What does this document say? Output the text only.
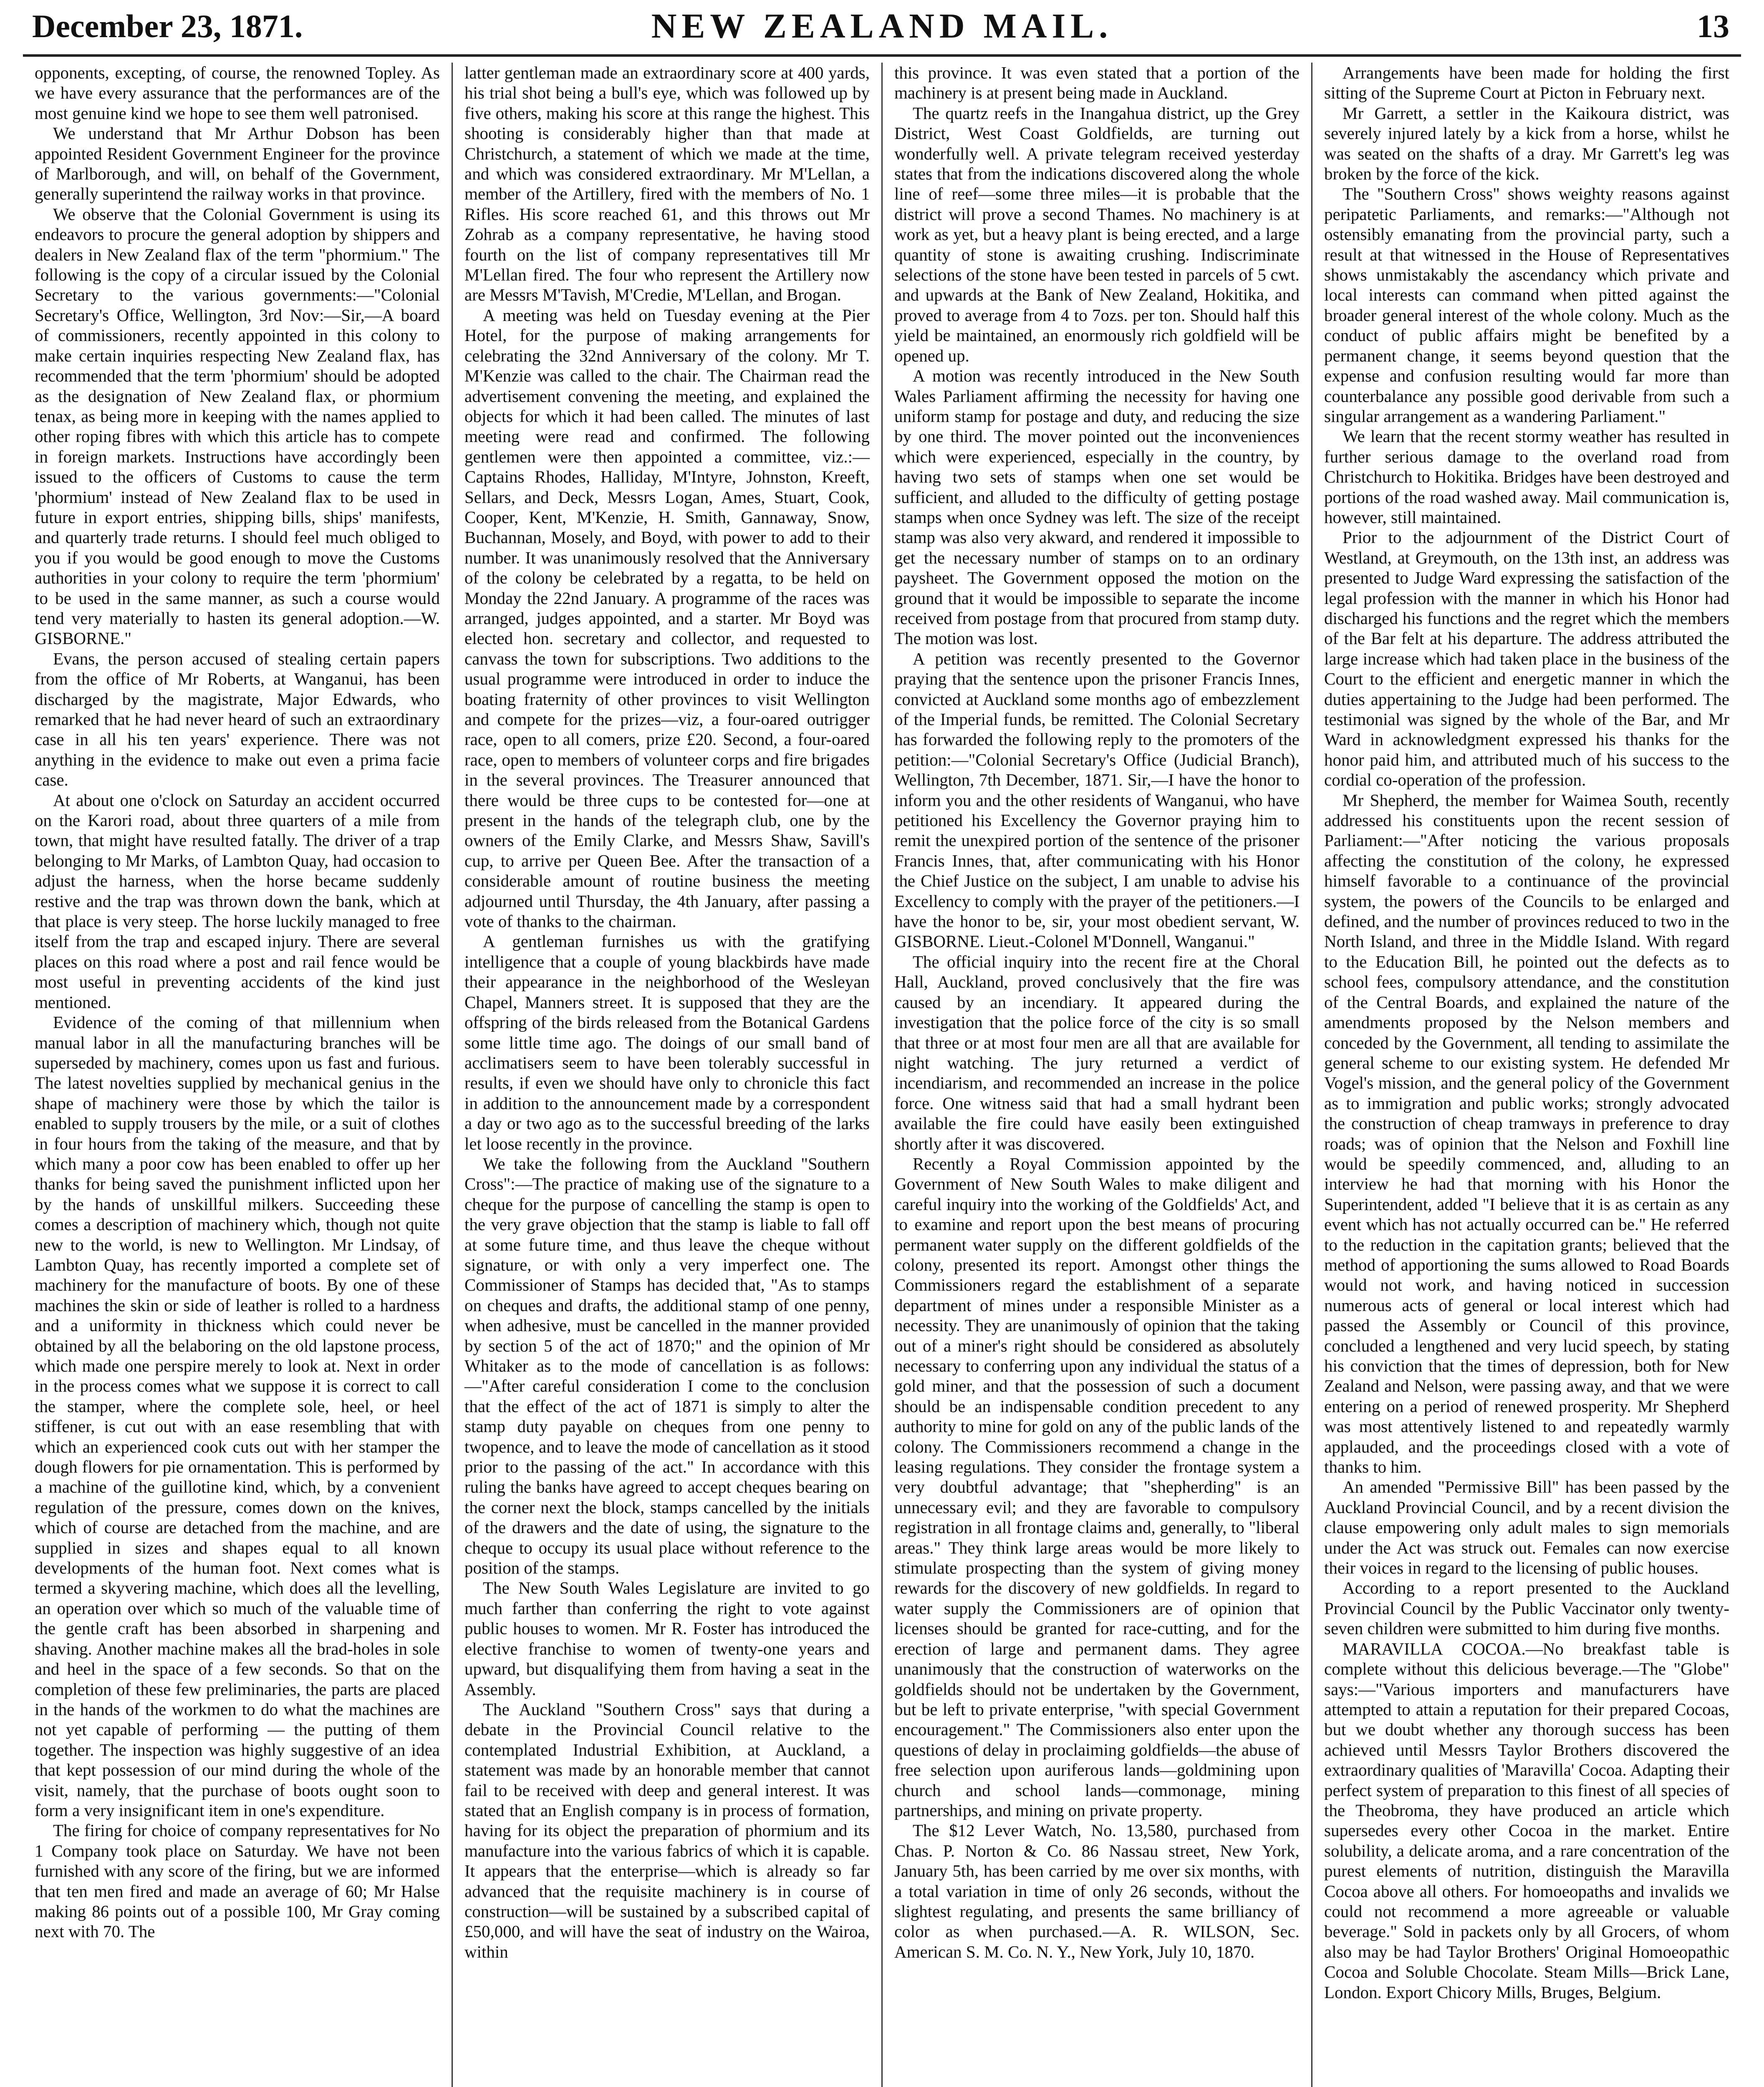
December 23, 1871.	NEW ZEALAND MAIL.	13

opponents, excepting, of course, the renowned Topley. As we have every assurance that the performances are of the most genuine kind we hope to see them well patronised.

We understand that Mr Arthur Dobson has been appointed Resident Government Engineer for the province of Marlborough, and will, on behalf of the Government, generally superintend the railway works in that province.

We observe that the Colonial Government is using its endeavors to procure the general adoption by shippers and dealers in New Zealand flax of the term "phormium." The following is the copy of a circular issued by the Colonial Secretary to the various governments:—"Colonial Secretary's Office, Wellington, 3rd Nov:—Sir,—A board of commissioners, recently appointed in this colony to make certain inquiries respecting New Zealand flax, has recommended that the term 'phormium' should be adopted as the designation of New Zealand flax, or phormium tenax, as being more in keeping with the names applied to other roping fibres with which this article has to compete in foreign markets. Instructions have accordingly been issued to the officers of Customs to cause the term 'phormium' instead of New Zealand flax to be used in future in export entries, shipping bills, ships' manifests, and quarterly trade returns. I should feel much obliged to you if you would be good enough to move the Customs authorities in your colony to require the term 'phormium' to be used in the same manner, as such a course would tend very materially to hasten its general adoption.—W. GISBORNE."

Evans, the person accused of stealing certain papers from the office of Mr Roberts, at Wanganui, has been discharged by the magistrate, Major Edwards, who remarked that he had never heard of such an extraordinary case in all his ten years' experience. There was not anything in the evidence to make out even a prima facie case.

At about one o'clock on Saturday an accident occurred on the Karori road, about three quarters of a mile from town, that might have resulted fatally. The driver of a trap belonging to Mr Marks, of Lambton Quay, had occasion to adjust the harness, when the horse became suddenly restive and the trap was thrown down the bank, which at that place is very steep. The horse luckily managed to free itself from the trap and escaped injury. There are several places on this road where a post and rail fence would be most useful in preventing accidents of the kind just mentioned.

Evidence of the coming of that millennium when manual labor in all the manufacturing branches will be superseded by machinery, comes upon us fast and furious. The latest novelties supplied by mechanical genius in the shape of machinery were those by which the tailor is enabled to supply trousers by the mile, or a suit of clothes in four hours from the taking of the measure, and that by which many a poor cow has been enabled to offer up her thanks for being saved the punishment inflicted upon her by the hands of unskillful milkers. Succeeding these comes a description of machinery which, though not quite new to the world, is new to Wellington. Mr Lindsay, of Lambton Quay, has recently imported a complete set of machinery for the manufacture of boots. By one of these machines the skin or side of leather is rolled to a hardness and a uniformity in thickness which could never be obtained by all the belaboring on the old lapstone process, which made one perspire merely to look at. Next in order in the process comes what we suppose it is correct to call the stamper, where the complete sole, heel, or heel stiffener, is cut out with an ease resembling that with which an experienced cook cuts out with her stamper the dough flowers for pie ornamentation. This is performed by a machine of the guillotine kind, which, by a convenient regulation of the pressure, comes down on the knives, which of course are detached from the machine, and are supplied in sizes and shapes equal to all known developments of the human foot. Next comes what is termed a skyvering machine, which does all the levelling, an operation over which so much of the valuable time of the gentle craft has been absorbed in sharpening and shaving. Another machine makes all the brad-holes in sole and heel in the space of a few seconds. So that on the completion of these few preliminaries, the parts are placed in the hands of the workmen to do what the machines are not yet capable of performing — the putting of them together. The inspection was highly suggestive of an idea that kept possession of our mind during the whole of the visit, namely, that the purchase of boots ought soon to form a very insignificant item in one's expenditure.

The firing for choice of company representatives for No 1 Company took place on Saturday. We have not been furnished with any score of the firing, but we are informed that ten men fired and made an average of 60; Mr Halse making 86 points out of a possible 100, Mr Gray coming next with 70. The

latter gentleman made an extraordinary score at 400 yards, his trial shot being a bull's eye, which was followed up by five others, making his score at this range the highest. This shooting is considerably higher than that made at Christchurch, a statement of which we made at the time, and which was considered extraordinary. Mr M'Lellan, a member of the Artillery, fired with the members of No. 1 Rifles. His score reached 61, and this throws out Mr Zohrab as a company representative, he having stood fourth on the list of company representatives till Mr M'Lellan fired. The four who represent the Artillery now are Messrs M'Tavish, M'Credie, M'Lellan, and Brogan.

A meeting was held on Tuesday evening at the Pier Hotel, for the purpose of making arrangements for celebrating the 32nd Anniversary of the colony. Mr T. M'Kenzie was called to the chair. The Chairman read the advertisement convening the meeting, and explained the objects for which it had been called. The minutes of last meeting were read and confirmed. The following gentlemen were then appointed a committee, viz.:—Captains Rhodes, Halliday, M'Intyre, Johnston, Kreeft, Sellars, and Deck, Messrs Logan, Ames, Stuart, Cook, Cooper, Kent, M'Kenzie, H. Smith, Gannaway, Snow, Buchannan, Mosely, and Boyd, with power to add to their number. It was unanimously resolved that the Anniversary of the colony be celebrated by a regatta, to be held on Monday the 22nd January. A programme of the races was arranged, judges appointed, and a starter. Mr Boyd was elected hon. secretary and collector, and requested to canvass the town for subscriptions. Two additions to the usual programme were introduced in order to induce the boating fraternity of other provinces to visit Wellington and compete for the prizes—viz, a four-oared outrigger race, open to all comers, prize £20. Second, a four-oared race, open to members of volunteer corps and fire brigades in the several provinces. The Treasurer announced that there would be three cups to be contested for—one at present in the hands of the telegraph club, one by the owners of the Emily Clarke, and Messrs Shaw, Savill's cup, to arrive per Queen Bee. After the transaction of a considerable amount of routine business the meeting adjourned until Thursday, the 4th January, after passing a vote of thanks to the chairman.

A gentleman furnishes us with the gratifying intelligence that a couple of young blackbirds have made their appearance in the neighborhood of the Wesleyan Chapel, Manners street. It is supposed that they are the offspring of the birds released from the Botanical Gardens some little time ago. The doings of our small band of acclimatisers seem to have been tolerably successful in results, if even we should have only to chronicle this fact in addition to the announcement made by a correspondent a day or two ago as to the successful breeding of the larks let loose recently in the province.

We take the following from the Auckland "Southern Cross":—The practice of making use of the signature to a cheque for the purpose of cancelling the stamp is open to the very grave objection that the stamp is liable to fall off at some future time, and thus leave the cheque without signature, or with only a very imperfect one. The Commissioner of Stamps has decided that, "As to stamps on cheques and drafts, the additional stamp of one penny, when adhesive, must be cancelled in the manner provided by section 5 of the act of 1870;" and the opinion of Mr Whitaker as to the mode of cancellation is as follows:—"After careful consideration I come to the conclusion that the effect of the act of 1871 is simply to alter the stamp duty payable on cheques from one penny to twopence, and to leave the mode of cancellation as it stood prior to the passing of the act." In accordance with this ruling the banks have agreed to accept cheques bearing on the corner next the block, stamps cancelled by the initials of the drawers and the date of using, the signature to the cheque to occupy its usual place without reference to the position of the stamps.

The New South Wales Legislature are invited to go much farther than conferring the right to vote against public houses to women. Mr R. Foster has introduced the elective franchise to women of twenty-one years and upward, but disqualifying them from having a seat in the Assembly.

The Auckland "Southern Cross" says that during a debate in the Provincial Council relative to the contemplated Industrial Exhibition, at Auckland, a statement was made by an honorable member that cannot fail to be received with deep and general interest. It was stated that an English company is in process of formation, having for its object the preparation of phormium and its manufacture into the various fabrics of which it is capable. It appears that the enterprise—which is already so far advanced that the requisite machinery is in course of construction—will be sustained by a subscribed capital of £50,000, and will have the seat of industry on the Wairoa, within

this province. It was even stated that a portion of the machinery is at present being made in Auckland.

The quartz reefs in the Inangahua district, up the Grey District, West Coast Goldfields, are turning out wonderfully well. A private telegram received yesterday states that from the indications discovered along the whole line of reef—some three miles—it is probable that the district will prove a second Thames. No machinery is at work as yet, but a heavy plant is being erected, and a large quantity of stone is awaiting crushing. Indiscriminate selections of the stone have been tested in parcels of 5 cwt. and upwards at the Bank of New Zealand, Hokitika, and proved to average from 4 to 7ozs. per ton. Should half this yield be maintained, an enormously rich goldfield will be opened up.

A motion was recently introduced in the New South Wales Parliament affirming the necessity for having one uniform stamp for postage and duty, and reducing the size by one third. The mover pointed out the inconveniences which were experienced, especially in the country, by having two sets of stamps when one set would be sufficient, and alluded to the difficulty of getting postage stamps when once Sydney was left. The size of the receipt stamp was also very akward, and rendered it impossible to get the necessary number of stamps on to an ordinary paysheet. The Government opposed the motion on the ground that it would be impossible to separate the income received from postage from that procured from stamp duty. The motion was lost.

A petition was recently presented to the Governor praying that the sentence upon the prisoner Francis Innes, convicted at Auckland some months ago of embezzlement of the Imperial funds, be remitted. The Colonial Secretary has forwarded the following reply to the promoters of the petition:—"Colonial Secretary's Office (Judicial Branch), Wellington, 7th December, 1871. Sir,—I have the honor to inform you and the other residents of Wanganui, who have petitioned his Excellency the Governor praying him to remit the unexpired portion of the sentence of the prisoner Francis Innes, that, after communicating with his Honor the Chief Justice on the subject, I am unable to advise his Excellency to comply with the prayer of the petitioners.—I have the honor to be, sir, your most obedient servant, W. GISBORNE. Lieut.-Colonel M'Donnell, Wanganui."

The official inquiry into the recent fire at the Choral Hall, Auckland, proved conclusively that the fire was caused by an incendiary. It appeared during the investigation that the police force of the city is so small that three or at most four men are all that are available for night watching. The jury returned a verdict of incendiarism, and recommended an increase in the police force. One witness said that had a small hydrant been available the fire could have easily been extinguished shortly after it was discovered.

Recently a Royal Commission appointed by the Government of New South Wales to make diligent and careful inquiry into the working of the Goldfields' Act, and to examine and report upon the best means of procuring permanent water supply on the different goldfields of the colony, presented its report. Amongst other things the Commissioners regard the establishment of a separate department of mines under a responsible Minister as a necessity. They are unanimously of opinion that the taking out of a miner's right should be considered as absolutely necessary to conferring upon any individual the status of a gold miner, and that the possession of such a document should be an indispensable condition precedent to any authority to mine for gold on any of the public lands of the colony. The Commissioners recommend a change in the leasing regulations. They consider the frontage system a very doubtful advantage; that "shepherding" is an unnecessary evil; and they are favorable to compulsory registration in all frontage claims and, generally, to "liberal areas." They think large areas would be more likely to stimulate prospecting than the system of giving money rewards for the discovery of new goldfields. In regard to water supply the Commissioners are of opinion that licenses should be granted for race-cutting, and for the erection of large and permanent dams. They agree unanimously that the construction of waterworks on the goldfields should not be undertaken by the Government, but be left to private enterprise, "with special Government encouragement." The Commissioners also enter upon the questions of delay in proclaiming goldfields—the abuse of free selection upon auriferous lands—goldmining upon church and school lands—commonage, mining partnerships, and mining on private property.

The $12 Lever Watch, No. 13,580, purchased from Chas. P. Norton & Co. 86 Nassau street, New York, January 5th, has been carried by me over six months, with a total variation in time of only 26 seconds, without the slightest regulating, and presents the same brilliancy of color as when purchased.—A. R. WILSON, Sec. American S. M. Co. N. Y., New York, July 10, 1870.

Arrangements have been made for holding the first sitting of the Supreme Court at Picton in February next.

Mr Garrett, a settler in the Kaikoura district, was severely injured lately by a kick from a horse, whilst he was seated on the shafts of a dray. Mr Garrett's leg was broken by the force of the kick.

The "Southern Cross" shows weighty reasons against peripatetic Parliaments, and remarks:—"Although not ostensibly emanating from the provincial party, such a result at that witnessed in the House of Representatives shows unmistakably the ascendancy which private and local interests can command when pitted against the broader general interest of the whole colony. Much as the conduct of public affairs might be benefited by a permanent change, it seems beyond question that the expense and confusion resulting would far more than counterbalance any possible good derivable from such a singular arrangement as a wandering Parliament."

We learn that the recent stormy weather has resulted in further serious damage to the overland road from Christchurch to Hokitika. Bridges have been destroyed and portions of the road washed away. Mail communication is, however, still maintained.

Prior to the adjournment of the District Court of Westland, at Greymouth, on the 13th inst, an address was presented to Judge Ward expressing the satisfaction of the legal profession with the manner in which his Honor had discharged his functions and the regret which the members of the Bar felt at his departure. The address attributed the large increase which had taken place in the business of the Court to the efficient and energetic manner in which the duties appertaining to the Judge had been performed. The testimonial was signed by the whole of the Bar, and Mr Ward in acknowledgment expressed his thanks for the honor paid him, and attributed much of his success to the cordial co-operation of the profession.

Mr Shepherd, the member for Waimea South, recently addressed his constituents upon the recent session of Parliament:—"After noticing the various proposals affecting the constitution of the colony, he expressed himself favorable to a continuance of the provincial system, the powers of the Councils to be enlarged and defined, and the number of provinces reduced to two in the North Island, and three in the Middle Island. With regard to the Education Bill, he pointed out the defects as to school fees, compulsory attendance, and the constitution of the Central Boards, and explained the nature of the amendments proposed by the Nelson members and conceded by the Government, all tending to assimilate the general scheme to our existing system. He defended Mr Vogel's mission, and the general policy of the Government as to immigration and public works; strongly advocated the construction of cheap tramways in preference to dray roads; was of opinion that the Nelson and Foxhill line would be speedily commenced, and, alluding to an interview he had that morning with his Honor the Superintendent, added "I believe that it is as certain as any event which has not actually occurred can be." He referred to the reduction in the capitation grants; believed that the method of apportioning the sums allowed to Road Boards would not work, and having noticed in succession numerous acts of general or local interest which had passed the Assembly or Council of this province, concluded a lengthened and very lucid speech, by stating his conviction that the times of depression, both for New Zealand and Nelson, were passing away, and that we were entering on a period of renewed prosperity. Mr Shepherd was most attentively listened to and repeatedly warmly applauded, and the proceedings closed with a vote of thanks to him.

An amended "Permissive Bill" has been passed by the Auckland Provincial Council, and by a recent division the clause empowering only adult males to sign memorials under the Act was struck out. Females can now exercise their voices in regard to the licensing of public houses.

According to a report presented to the Auckland Provincial Council by the Public Vaccinator only twenty-seven children were submitted to him during five months.

MARAVILLA COCOA.—No breakfast table is complete without this delicious beverage.—The "Globe" says:—"Various importers and manufacturers have attempted to attain a reputation for their prepared Cocoas, but we doubt whether any thorough success has been achieved until Messrs Taylor Brothers discovered the extraordinary qualities of 'Maravilla' Cocoa. Adapting their perfect system of preparation to this finest of all species of the Theobroma, they have produced an article which supersedes every other Cocoa in the market. Entire solubility, a delicate aroma, and a rare concentration of the purest elements of nutrition, distinguish the Maravilla Cocoa above all others. For homoeopaths and invalids we could not recommend a more agreeable or valuable beverage." Sold in packets only by all Grocers, of whom also may be had Taylor Brothers' Original Homoeopathic Cocoa and Soluble Chocolate. Steam Mills—Brick Lane, London. Export Chicory Mills, Bruges, Belgium.
